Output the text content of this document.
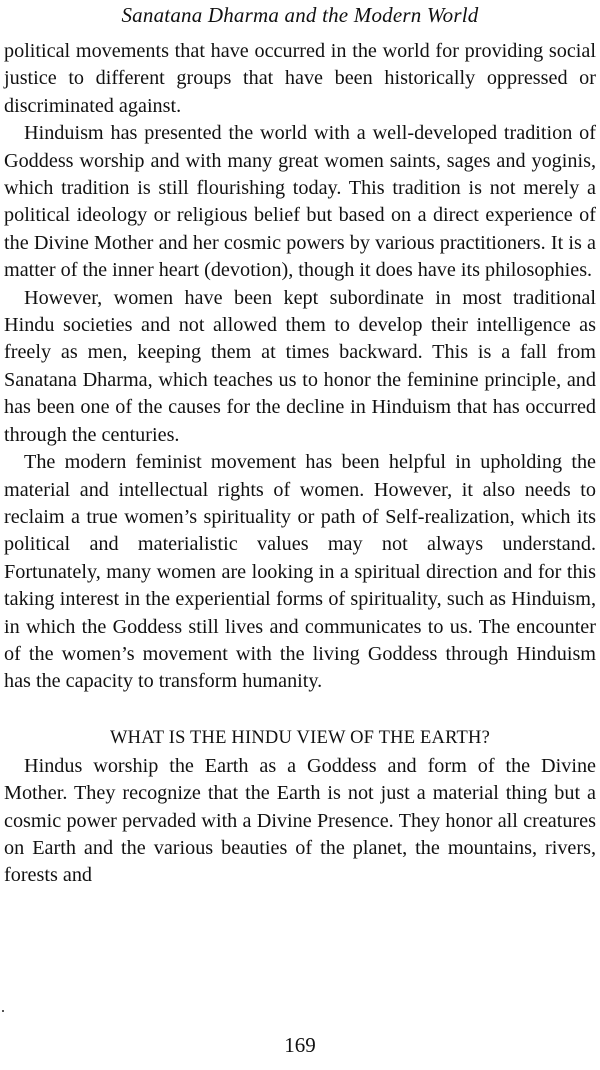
Sanatana Dharma and the Modern World

political movements that have occurred in the world for providing social justice to different groups that have been historically oppressed or discriminated against.

Hinduism has presented the world with a well-developed tradition of Goddess worship and with many great women saints, sages and yoginis, which tradition is still flourishing today. This tradition is not merely a political ideology or religious belief but based on a direct experience of the Divine Mother and her cosmic powers by various practitioners. It is a matter of the inner heart (devotion), though it does have its philosophies.

However, women have been kept subordinate in most traditional Hindu societies and not allowed them to develop their intelligence as freely as men, keeping them at times backward. This is a fall from Sanatana Dharma, which teaches us to honor the feminine principle, and has been one of the causes for the decline in Hinduism that has occurred through the centuries.

The modern feminist movement has been helpful in upholding the material and intellectual rights of women. However, it also needs to reclaim a true women’s spirituality or path of Self-realization, which its political and materialistic values may not always understand. Fortunately, many women are looking in a spiritual direction and for this taking interest in the experiential forms of spirituality, such as Hinduism, in which the Goddess still lives and communicates to us. The encounter of the women’s movement with the living Goddess through Hinduism has the capacity to transform humanity.

WHAT IS THE HINDU VIEW OF THE EARTH?

Hindus worship the Earth as a Goddess and form of the Divine Mother. They recognize that the Earth is not just a material thing but a cosmic power pervaded with a Divine Presence. They honor all creatures on Earth and the various beauties of the planet, the mountains, rivers, forests and

169
